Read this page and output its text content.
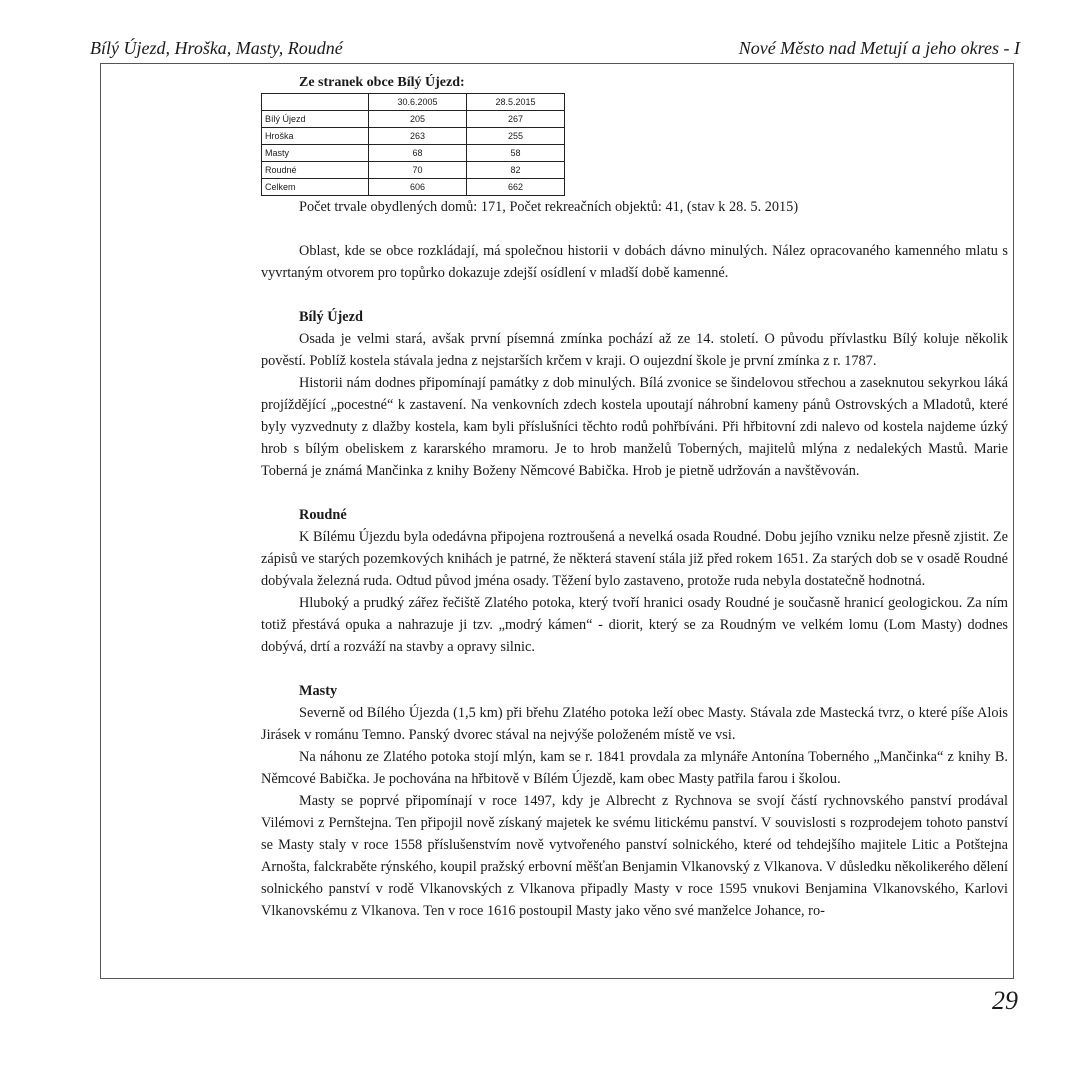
Bílý Újezd, Hroška, Masty, Roudné	Nové Město nad Metují a jeho okres - I
Ze stranek obce Bílý Újezd:
	30.6.2005	28.5.2015
Bílý Újezd	205	267
Hroška	263	255
Masty	68	58
Roudné	70	82
Celkem	606	662

Počet trvale obydlených domů: 171, Počet rekreačních objektů: 41, (stav k 28. 5. 2015)

Oblast, kde se obce rozkládají, má společnou historii v dobách dávno minulých. Nález opracovaného kamenného mlatu s vyvrtaným otvorem pro topůrko dokazuje zdejší osídlení v mladší době kamenné.

Bílý Újezd

Osada je velmi stará, avšak první písemná zmínka pochází až ze 14. století. O původu přívlastku Bílý koluje několik pověstí. Poblíž kostela stávala jedna z nejstarších krčem v kraji. O oujezdní škole je první zmínka z r. 1787.

Historii nám dodnes připomínají památky z dob minulých. Bílá zvonice se šindelovou střechou a zaseknutou sekyrkou láká projíždějící „pocestné“ k zastavení. Na venkovních zdech kostela upoutají náhrobní kameny pánů Ostrovských a Mladotů, které byly vyzvednuty z dlažby kostela, kam byli příslušníci těchto rodů pohřbíváni. Při hřbitovní zdi nalevo od kostela najdeme úzký hrob s bílým obeliskem z kararského mramoru. Je to hrob manželů Toberných, majitelů mlýna z nedalekých Mastů. Marie Toberná je známá Mančinka z knihy Boženy Němcové Babička. Hrob je pietně udržován a navštěvován.

Roudné

K Bílému Újezdu byla odedávna připojena roztroušená a nevelká osada Roudné. Dobu jejího vzniku nelze přesně zjistit. Ze zápisů ve starých pozemkových knihách je patrné, že některá stavení stála již před rokem 1651. Za starých dob se v osadě Roudné dobývala železná ruda. Odtud původ jména osady. Těžení bylo zastaveno, protože ruda nebyla dostatečně hodnotná.

Hluboký a prudký zářez řečiště Zlatého potoka, který tvoří hranici osady Roudné je současně hranicí geologickou. Za ním totiž přestává opuka a nahrazuje ji tzv. „modrý kámen“ - diorit, který se za Roudným ve velkém lomu (Lom Masty) dodnes dobývá, drtí a rozváží na stavby a opravy silnic.

Masty

Severně od Bílého Újezda (1,5 km) při břehu Zlatého potoka leží obec Masty. Stávala zde Mastecká tvrz, o které píše Alois Jirásek v románu Temno. Panský dvorec stával na nejvýše položeném místě ve vsi.

Na náhonu ze Zlatého potoka stojí mlýn, kam se r. 1841 provdala za mlynáře Antonína Toberného „Mančinka“ z knihy B. Němcové Babička. Je pochována na hřbitově v Bílém Újezdě, kam obec Masty patřila farou i školou.

Masty se poprvé připomínají v roce 1497, kdy je Albrecht z Rychnova se svojí částí rychnovského panství prodával Vilémovi z Pernštejna. Ten připojil nově získaný majetek ke svému litickému panství. V souvislosti s rozprodejem tohoto panství se Masty staly v roce 1558 příslušenstvím nově vytvořeného panství solnického, které od tehdejšího majitele Litic a Potštejna Arnošta, falckraběte rýnského, koupil pražský erbovní měšťan Benjamin Vlkanovský z Vlkanova. V důsledku několikerého dělení solnického panství v rodě Vlkanovských z Vlkanova připadly Masty v roce 1595 vnukovi Benjamina Vlkanovského, Karlovi Vlkanovskému z Vlkanova. Ten v roce 1616 postoupil Masty jako věno své manželce Johance, ro-

29
